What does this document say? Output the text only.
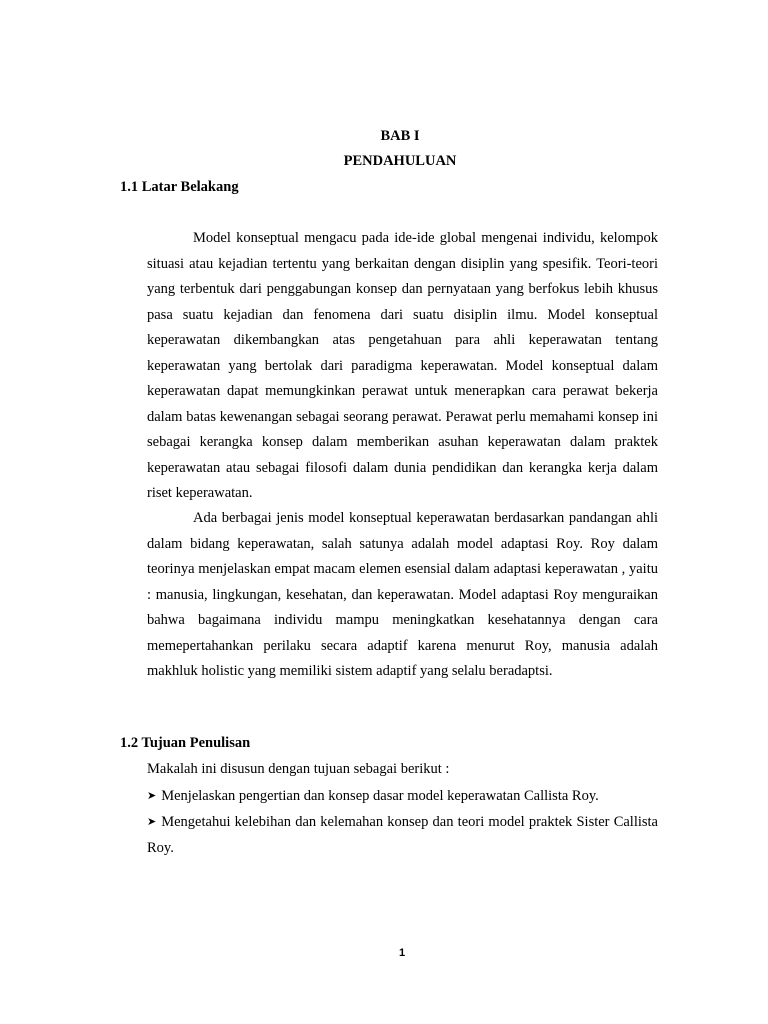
BAB I
PENDAHULUAN
1.1 Latar Belakang

Model konseptual mengacu pada ide-ide global mengenai individu, kelompok situasi atau kejadian tertentu yang berkaitan dengan disiplin yang spesifik. Teori-teori yang terbentuk dari penggabungan konsep dan pernyataan yang berfokus lebih khusus pasa suatu kejadian dan fenomena dari suatu disiplin ilmu. Model konseptual keperawatan dikembangkan atas pengetahuan para ahli keperawatan tentang keperawatan yang bertolak dari paradigma keperawatan. Model konseptual dalam keperawatan dapat memungkinkan perawat untuk menerapkan cara perawat bekerja dalam batas kewenangan sebagai seorang perawat. Perawat perlu memahami konsep ini sebagai kerangka konsep dalam memberikan asuhan keperawatan dalam praktek keperawatan atau sebagai filosofi dalam dunia pendidikan dan kerangka kerja dalam riset keperawatan.

Ada berbagai jenis model konseptual keperawatan berdasarkan pandangan ahli dalam bidang keperawatan, salah satunya adalah model adaptasi Roy. Roy dalam teorinya menjelaskan empat macam elemen esensial dalam adaptasi keperawatan , yaitu : manusia, lingkungan, kesehatan, dan keperawatan. Model adaptasi Roy menguraikan bahwa bagaimana individu mampu meningkatkan kesehatannya dengan cara memepertahankan perilaku secara adaptif karena menurut Roy, manusia adalah makhluk holistic yang memiliki sistem adaptif yang selalu beradaptsi.

1.2 Tujuan Penulisan

Makalah ini disusun dengan tujuan sebagai berikut :

➤ Menjelaskan pengertian dan konsep dasar model keperawatan Callista Roy.
➤ Mengetahui kelebihan dan kelemahan konsep dan teori model praktek Sister Callista Roy.
1
